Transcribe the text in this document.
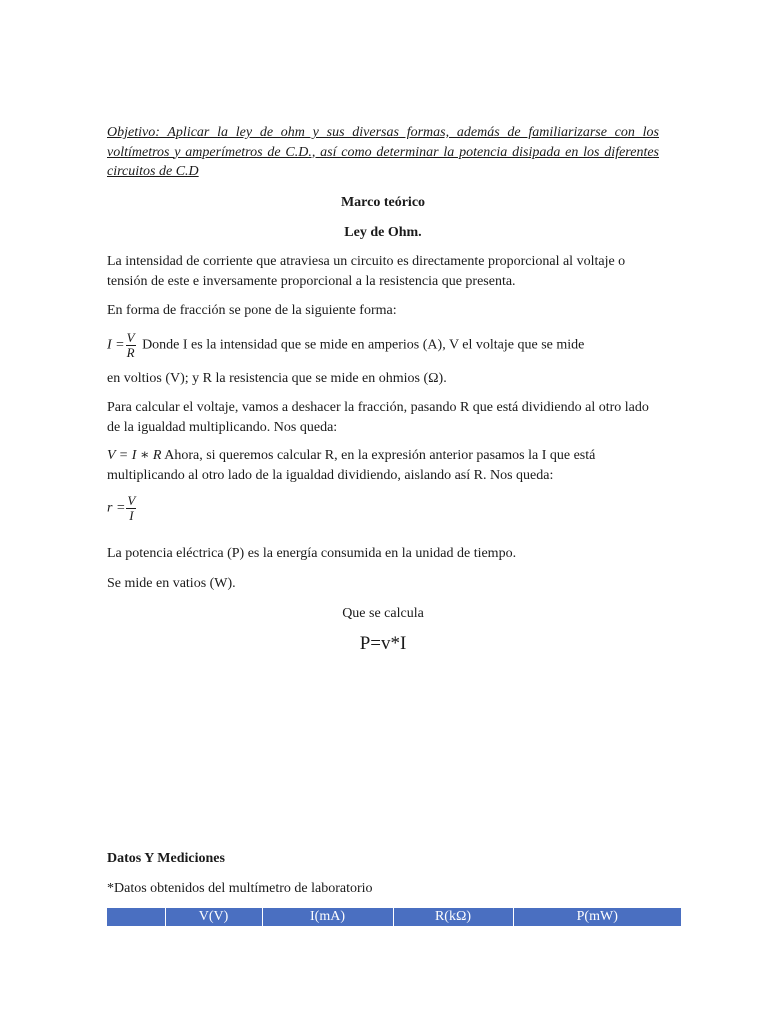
Objetivo: Aplicar la ley de ohm y sus diversas formas, además de familiarizarse con los voltímetros y amperímetros de C.D., así como determinar la potencia disipada en los diferentes circuitos de C.D

Marco teórico

Ley de Ohm.

La intensidad de corriente que atraviesa un circuito es directamente proporcional al voltaje o tensión de este e inversamente proporcional a la resistencia que presenta.

En forma de fracción se pone de la siguiente forma:

$I = \frac{V}{R}$ Donde I es la intensidad que se mide en amperios (A), V el voltaje que se mide

en voltios (V); y R la resistencia que se mide en ohmios (Ω).

Para calcular el voltaje, vamos a deshacer la fracción, pasando R que está dividiendo al otro lado de la igualdad multiplicando. Nos queda:

V = I ∗ R Ahora, si queremos calcular R, en la expresión anterior pasamos la I que está multiplicando al otro lado de la igualdad dividiendo, aislando así R. Nos queda:

$r = \frac{V}{I}$

La potencia eléctrica (P) es la energía consumida en la unidad de tiempo.

Se mide en vatios (W).

Que se calcula

P=v*I

Datos Y Mediciones

*Datos obtenidos del multímetro de laboratorio

	V(V)	I(mA)	R(kΩ)	P(mW)
